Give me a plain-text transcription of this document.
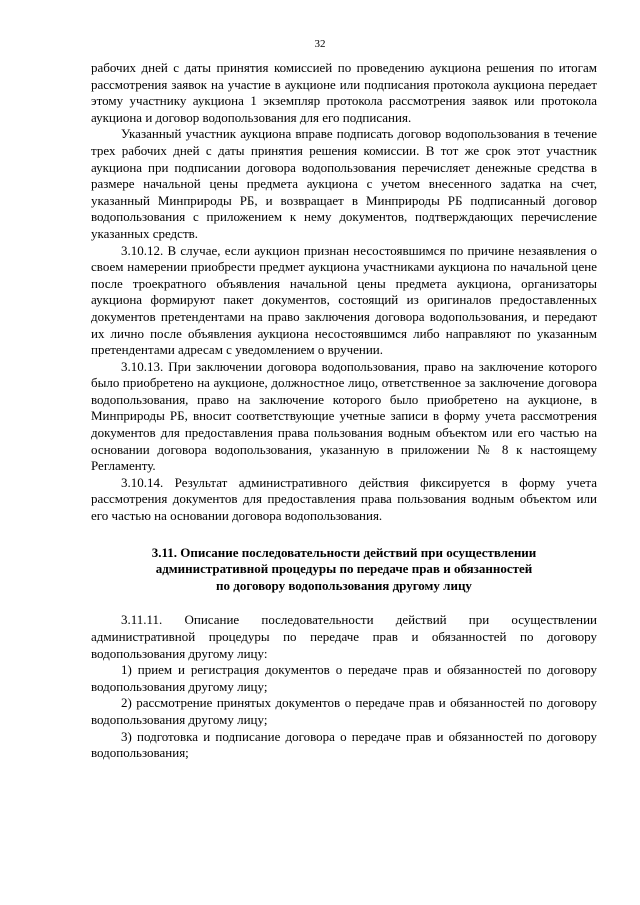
32

рабочих дней с даты принятия комиссией по проведению аукциона решения по итогам рассмотрения заявок на участие в аукционе или подписания протокола аукциона передает этому участнику аукциона 1 экземпляр протокола рассмотрения заявок или протокола аукциона и договор водопользования для его подписания.

Указанный участник аукциона вправе подписать договор водопользования в течение трех рабочих дней с даты принятия решения комиссии. В тот же срок этот участник аукциона при подписании договора водопользования перечисляет денежные средства в размере начальной цены предмета аукциона с учетом внесенного задатка на счет, указанный Минприроды РБ, и возвращает в Минприроды РБ подписанный договор водопользования с приложением к нему документов, подтверждающих перечисление указанных средств.

3.10.12. В случае, если аукцион признан несостоявшимся по причине незаявления о своем намерении приобрести предмет аукциона участниками аукциона по начальной цене после троекратного объявления начальной цены предмета аукциона, организаторы аукциона формируют пакет документов, состоящий из оригиналов предоставленных документов претендентами на право заключения договора водопользования, и передают их лично после объявления аукциона несостоявшимся либо направляют по указанным претендентами адресам с уведомлением о вручении.

3.10.13. При заключении договора водопользования, право на заключение которого было приобретено на аукционе, должностное лицо, ответственное за заключение договора водопользования, право на заключение которого было приобретено на аукционе, в Минприроды РБ, вносит соответствующие учетные записи в форму учета рассмотрения документов для предоставления права пользования водным объектом или его частью на основании договора водопользования, указанную в приложении № 8 к настоящему Регламенту.

3.10.14. Результат административного действия фиксируется в форму учета рассмотрения документов для предоставления права пользования водным объектом или его частью на основании договора водопользования.

3.11. Описание последовательности действий при осуществлении
административной процедуры по передаче прав и обязанностей
по договору водопользования другому лицу

3.11.11. Описание последовательности действий при осуществлении административной процедуры по передаче прав и обязанностей по договору водопользования другому лицу:

1) прием и регистрация документов о передаче прав и обязанностей по договору водопользования другому лицу;

2) рассмотрение принятых документов о передаче прав и обязанностей по договору водопользования другому лицу;

3) подготовка и подписание договора о передаче прав и обязанностей по договору водопользования;
